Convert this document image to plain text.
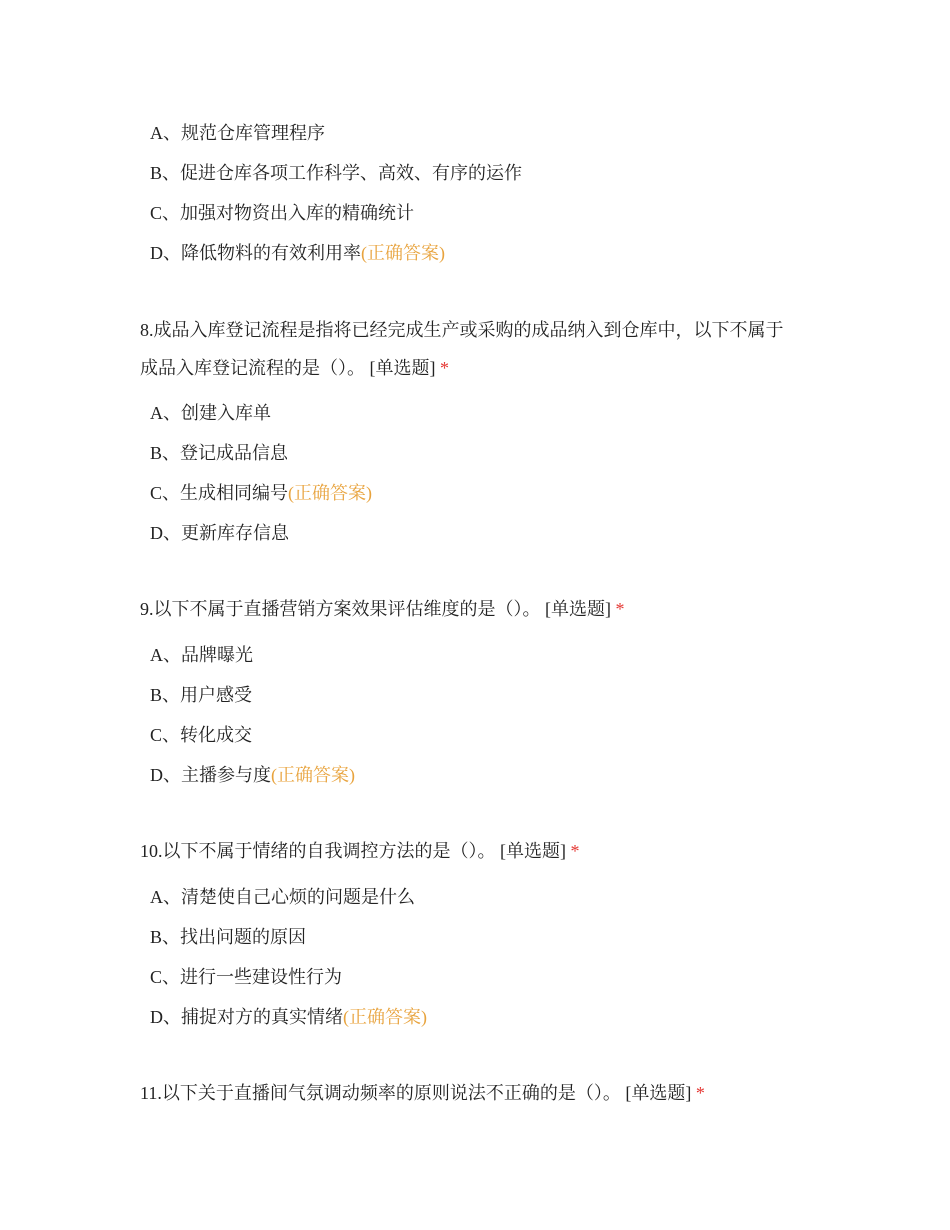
A、规范仓库管理程序
B、促进仓库各项工作科学、高效、有序的运作
C、加强对物资出入库的精确统计
D、降低物料的有效利用率(正确答案)
8.成品入库登记流程是指将已经完成生产或采购的成品纳入到仓库中，以下不属于
成品入库登记流程的是（）。 [单选题] *
A、创建入库单
B、登记成品信息
C、生成相同编号(正确答案)
D、更新库存信息
9.以下不属于直播营销方案效果评估维度的是（）。 [单选题] *
A、品牌曝光
B、用户感受
C、转化成交
D、主播参与度(正确答案)
10.以下不属于情绪的自我调控方法的是（）。 [单选题] *
A、清楚使自己心烦的问题是什么
B、找出问题的原因
C、进行一些建设性行为
D、捕捉对方的真实情绪(正确答案)
11.以下关于直播间气氛调动频率的原则说法不正确的是（）。 [单选题] *
